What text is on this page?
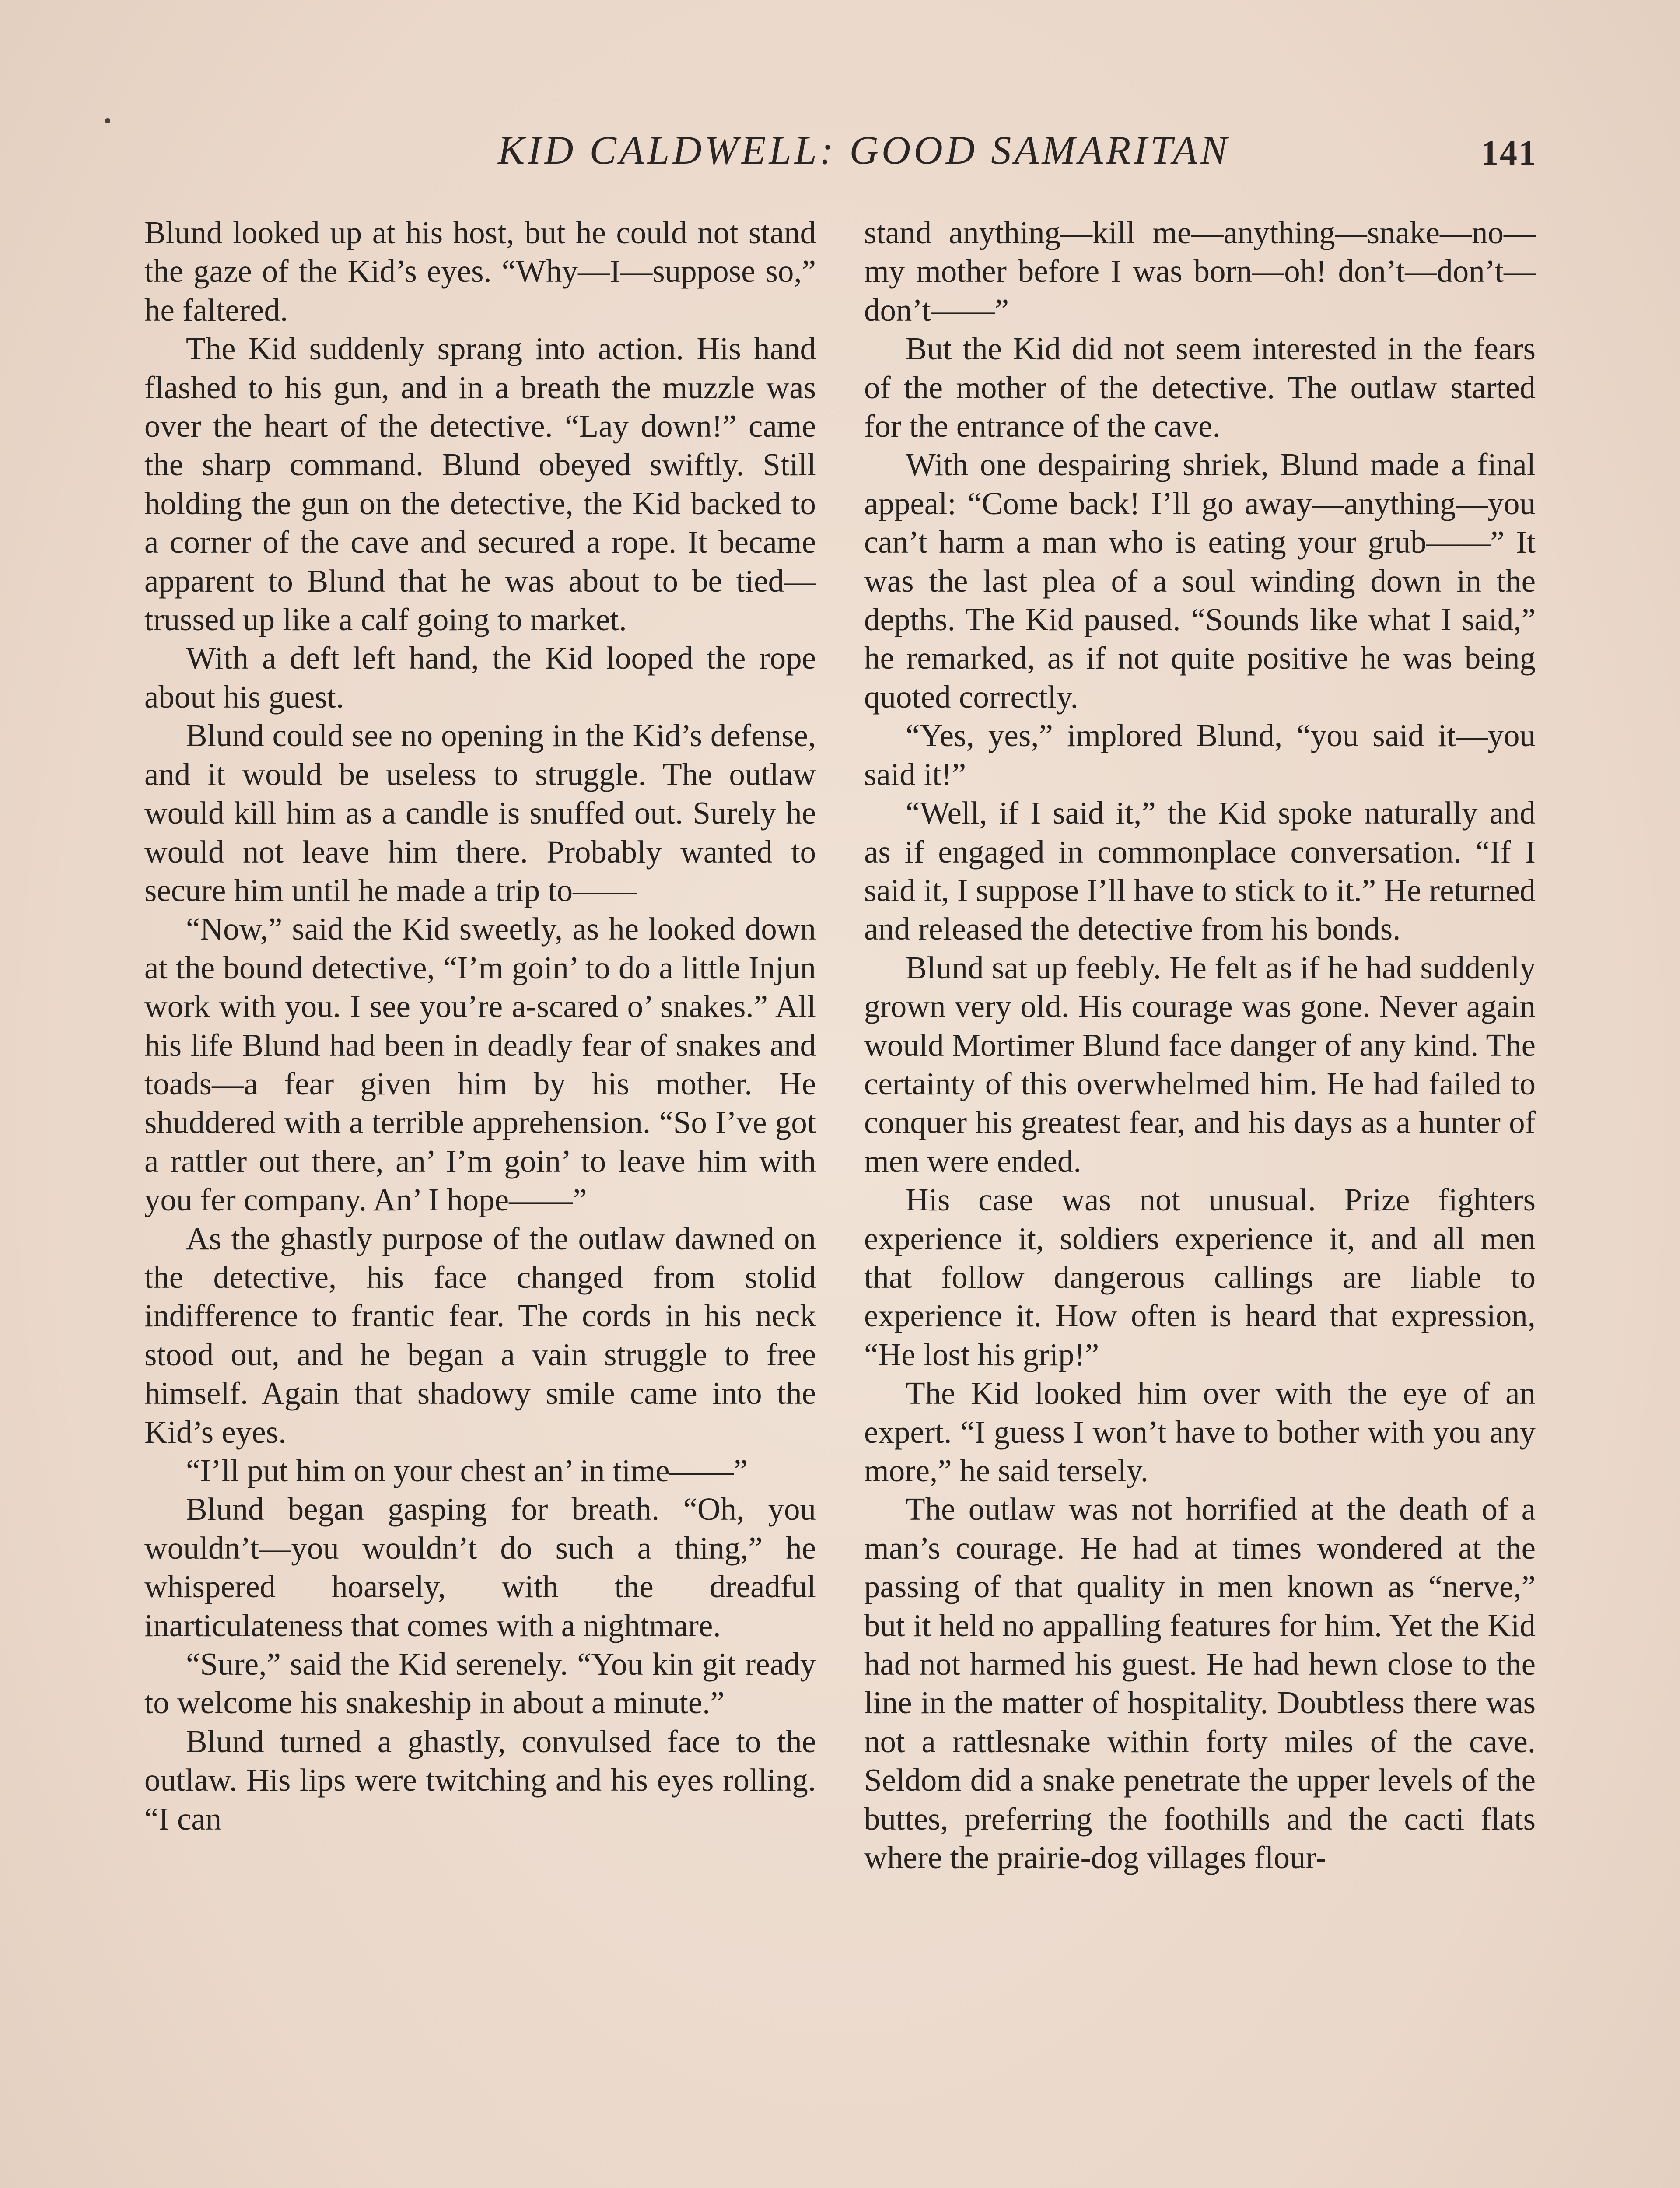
KID CALDWELL: GOOD SAMARITAN	141

Blund looked up at his host, but he could not stand the gaze of the Kid’s eyes. “Why—I—suppose so,” he faltered.

The Kid suddenly sprang into action. His hand flashed to his gun, and in a breath the muzzle was over the heart of the detective. “Lay down!” came the sharp command. Blund obeyed swiftly. Still holding the gun on the detective, the Kid backed to a corner of the cave and secured a rope. It became apparent to Blund that he was about to be tied—trussed up like a calf going to market.

With a deft left hand, the Kid looped the rope about his guest.

Blund could see no opening in the Kid’s defense, and it would be useless to struggle. The outlaw would kill him as a candle is snuffed out. Surely he would not leave him there. Probably wanted to secure him until he made a trip to——

“Now,” said the Kid sweetly, as he looked down at the bound detective, “I’m goin’ to do a little Injun work with you. I see you’re a-scared o’ snakes.” All his life Blund had been in deadly fear of snakes and toads—a fear given him by his mother. He shuddered with a terrible apprehension. “So I’ve got a rattler out there, an’ I’m goin’ to leave him with you fer company. An’ I hope——”

As the ghastly purpose of the outlaw dawned on the detective, his face changed from stolid indifference to frantic fear. The cords in his neck stood out, and he began a vain struggle to free himself. Again that shadowy smile came into the Kid’s eyes.

“I’ll put him on your chest an’ in time——”

Blund began gasping for breath. “Oh, you wouldn’t—you wouldn’t do such a thing,” he whispered hoarsely, with the dreadful inarticulateness that comes with a nightmare.

“Sure,” said the Kid serenely. “You kin git ready to welcome his snakeship in about a minute.”

Blund turned a ghastly, convulsed face to the outlaw. His lips were twitching and his eyes rolling. “I can

stand anything—kill me—anything—snake—no—my mother before I was born—oh! don’t—don’t—don’t——”

But the Kid did not seem interested in the fears of the mother of the detective. The outlaw started for the entrance of the cave.

With one despairing shriek, Blund made a final appeal: “Come back! I’ll go away—anything—you can’t harm a man who is eating your grub——” It was the last plea of a soul winding down in the depths. The Kid paused. “Sounds like what I said,” he remarked, as if not quite positive he was being quoted correctly.

“Yes, yes,” implored Blund, “you said it—you said it!”

“Well, if I said it,” the Kid spoke naturally and as if engaged in commonplace conversation. “If I said it, I suppose I’ll have to stick to it.” He returned and released the detective from his bonds.

Blund sat up feebly. He felt as if he had suddenly grown very old. His courage was gone. Never again would Mortimer Blund face danger of any kind. The certainty of this overwhelmed him. He had failed to conquer his greatest fear, and his days as a hunter of men were ended.

His case was not unusual. Prize fighters experience it, soldiers experience it, and all men that follow dangerous callings are liable to experience it. How often is heard that expression, “He lost his grip!”

The Kid looked him over with the eye of an expert. “I guess I won’t have to bother with you any more,” he said tersely.

The outlaw was not horrified at the death of a man’s courage. He had at times wondered at the passing of that quality in men known as “nerve,” but it held no appalling features for him. Yet the Kid had not harmed his guest. He had hewn close to the line in the matter of hospitality. Doubtless there was not a rattlesnake within forty miles of the cave. Seldom did a snake penetrate the upper levels of the buttes, preferring the foothills and the cacti flats where the prairie-dog villages flour-
